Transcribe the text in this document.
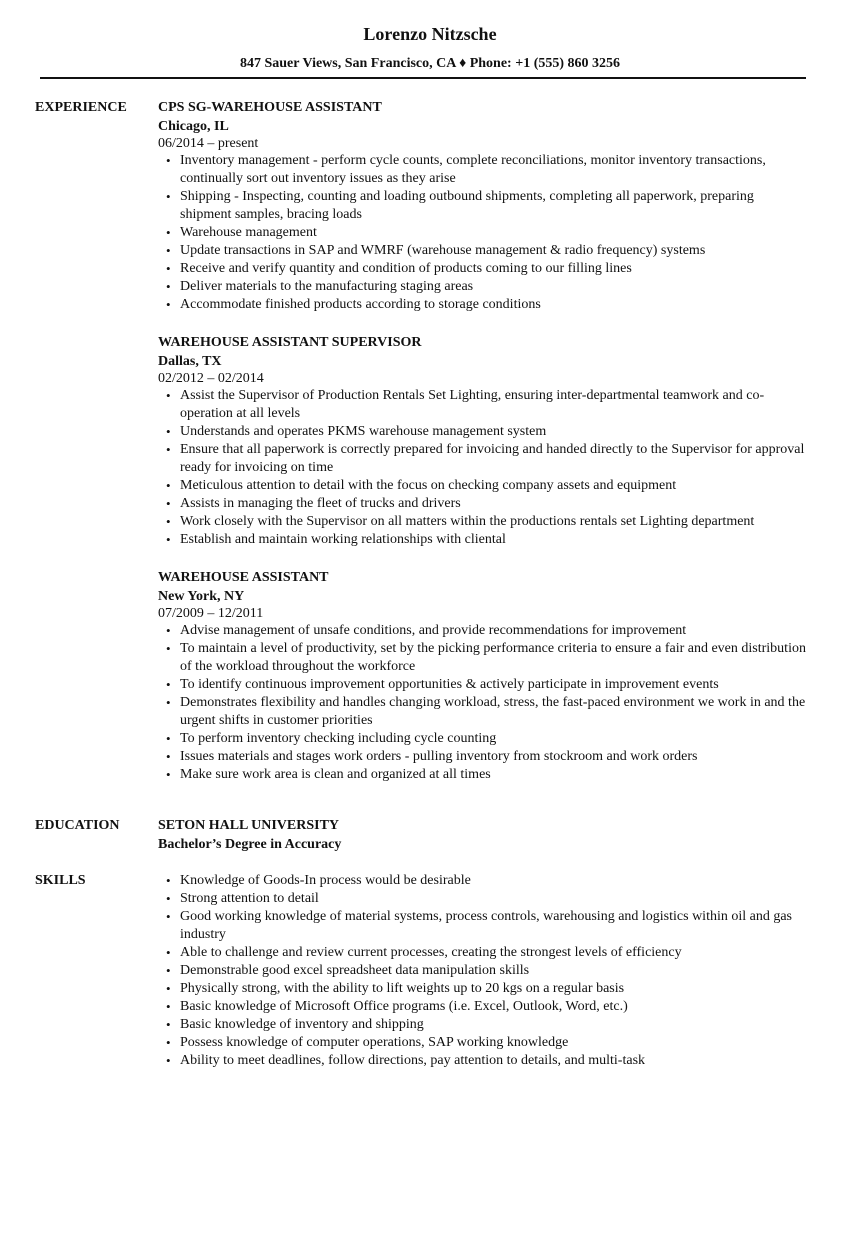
Lorenzo Nitzsche
847 Sauer Views, San Francisco, CA ♦ Phone: +1 (555) 860 3256
EXPERIENCE	CPS SG-WAREHOUSE ASSISTANT
Chicago, IL
06/2014 – present
• Inventory management - perform cycle counts, complete reconciliations, monitor inventory transactions, continually sort out inventory issues as they arise
• Shipping - Inspecting, counting and loading outbound shipments, completing all paperwork, preparing shipment samples, bracing loads
• Warehouse management
• Update transactions in SAP and WMRF (warehouse management & radio frequency) systems
• Receive and verify quantity and condition of products coming to our filling lines
• Deliver materials to the manufacturing staging areas
• Accommodate finished products according to storage conditions
WAREHOUSE ASSISTANT SUPERVISOR
Dallas, TX
02/2012 – 02/2014
• Assist the Supervisor of Production Rentals Set Lighting, ensuring inter-departmental teamwork and co-operation at all levels
• Understands and operates PKMS warehouse management system
• Ensure that all paperwork is correctly prepared for invoicing and handed directly to the Supervisor for approval ready for invoicing on time
• Meticulous attention to detail with the focus on checking company assets and equipment
• Assists in managing the fleet of trucks and drivers
• Work closely with the Supervisor on all matters within the productions rentals set Lighting department
• Establish and maintain working relationships with cliental
WAREHOUSE ASSISTANT
New York, NY
07/2009 – 12/2011
• Advise management of unsafe conditions, and provide recommendations for improvement
• To maintain a level of productivity, set by the picking performance criteria to ensure a fair and even distribution of the workload throughout the workforce
• To identify continuous improvement opportunities & actively participate in improvement events
• Demonstrates flexibility and handles changing workload, stress, the fast-paced environment we work in and the urgent shifts in customer priorities
• To perform inventory checking including cycle counting
• Issues materials and stages work orders - pulling inventory from stockroom and work orders
• Make sure work area is clean and organized at all times
EDUCATION	SETON HALL UNIVERSITY
Bachelor’s Degree in Accuracy
SKILLS
•	Knowledge of Goods-In process would be desirable
• Strong attention to detail
• Good working knowledge of material systems, process controls, warehousing and logistics within oil and gas industry
• Able to challenge and review current processes, creating the strongest levels of efficiency
• Demonstrable good excel spreadsheet data manipulation skills
• Physically strong, with the ability to lift weights up to 20 kgs on a regular basis
• Basic knowledge of Microsoft Office programs (i.e. Excel, Outlook, Word, etc.)
• Basic knowledge of inventory and shipping
• Possess knowledge of computer operations, SAP working knowledge
• Ability to meet deadlines, follow directions, pay attention to details, and multi-task
